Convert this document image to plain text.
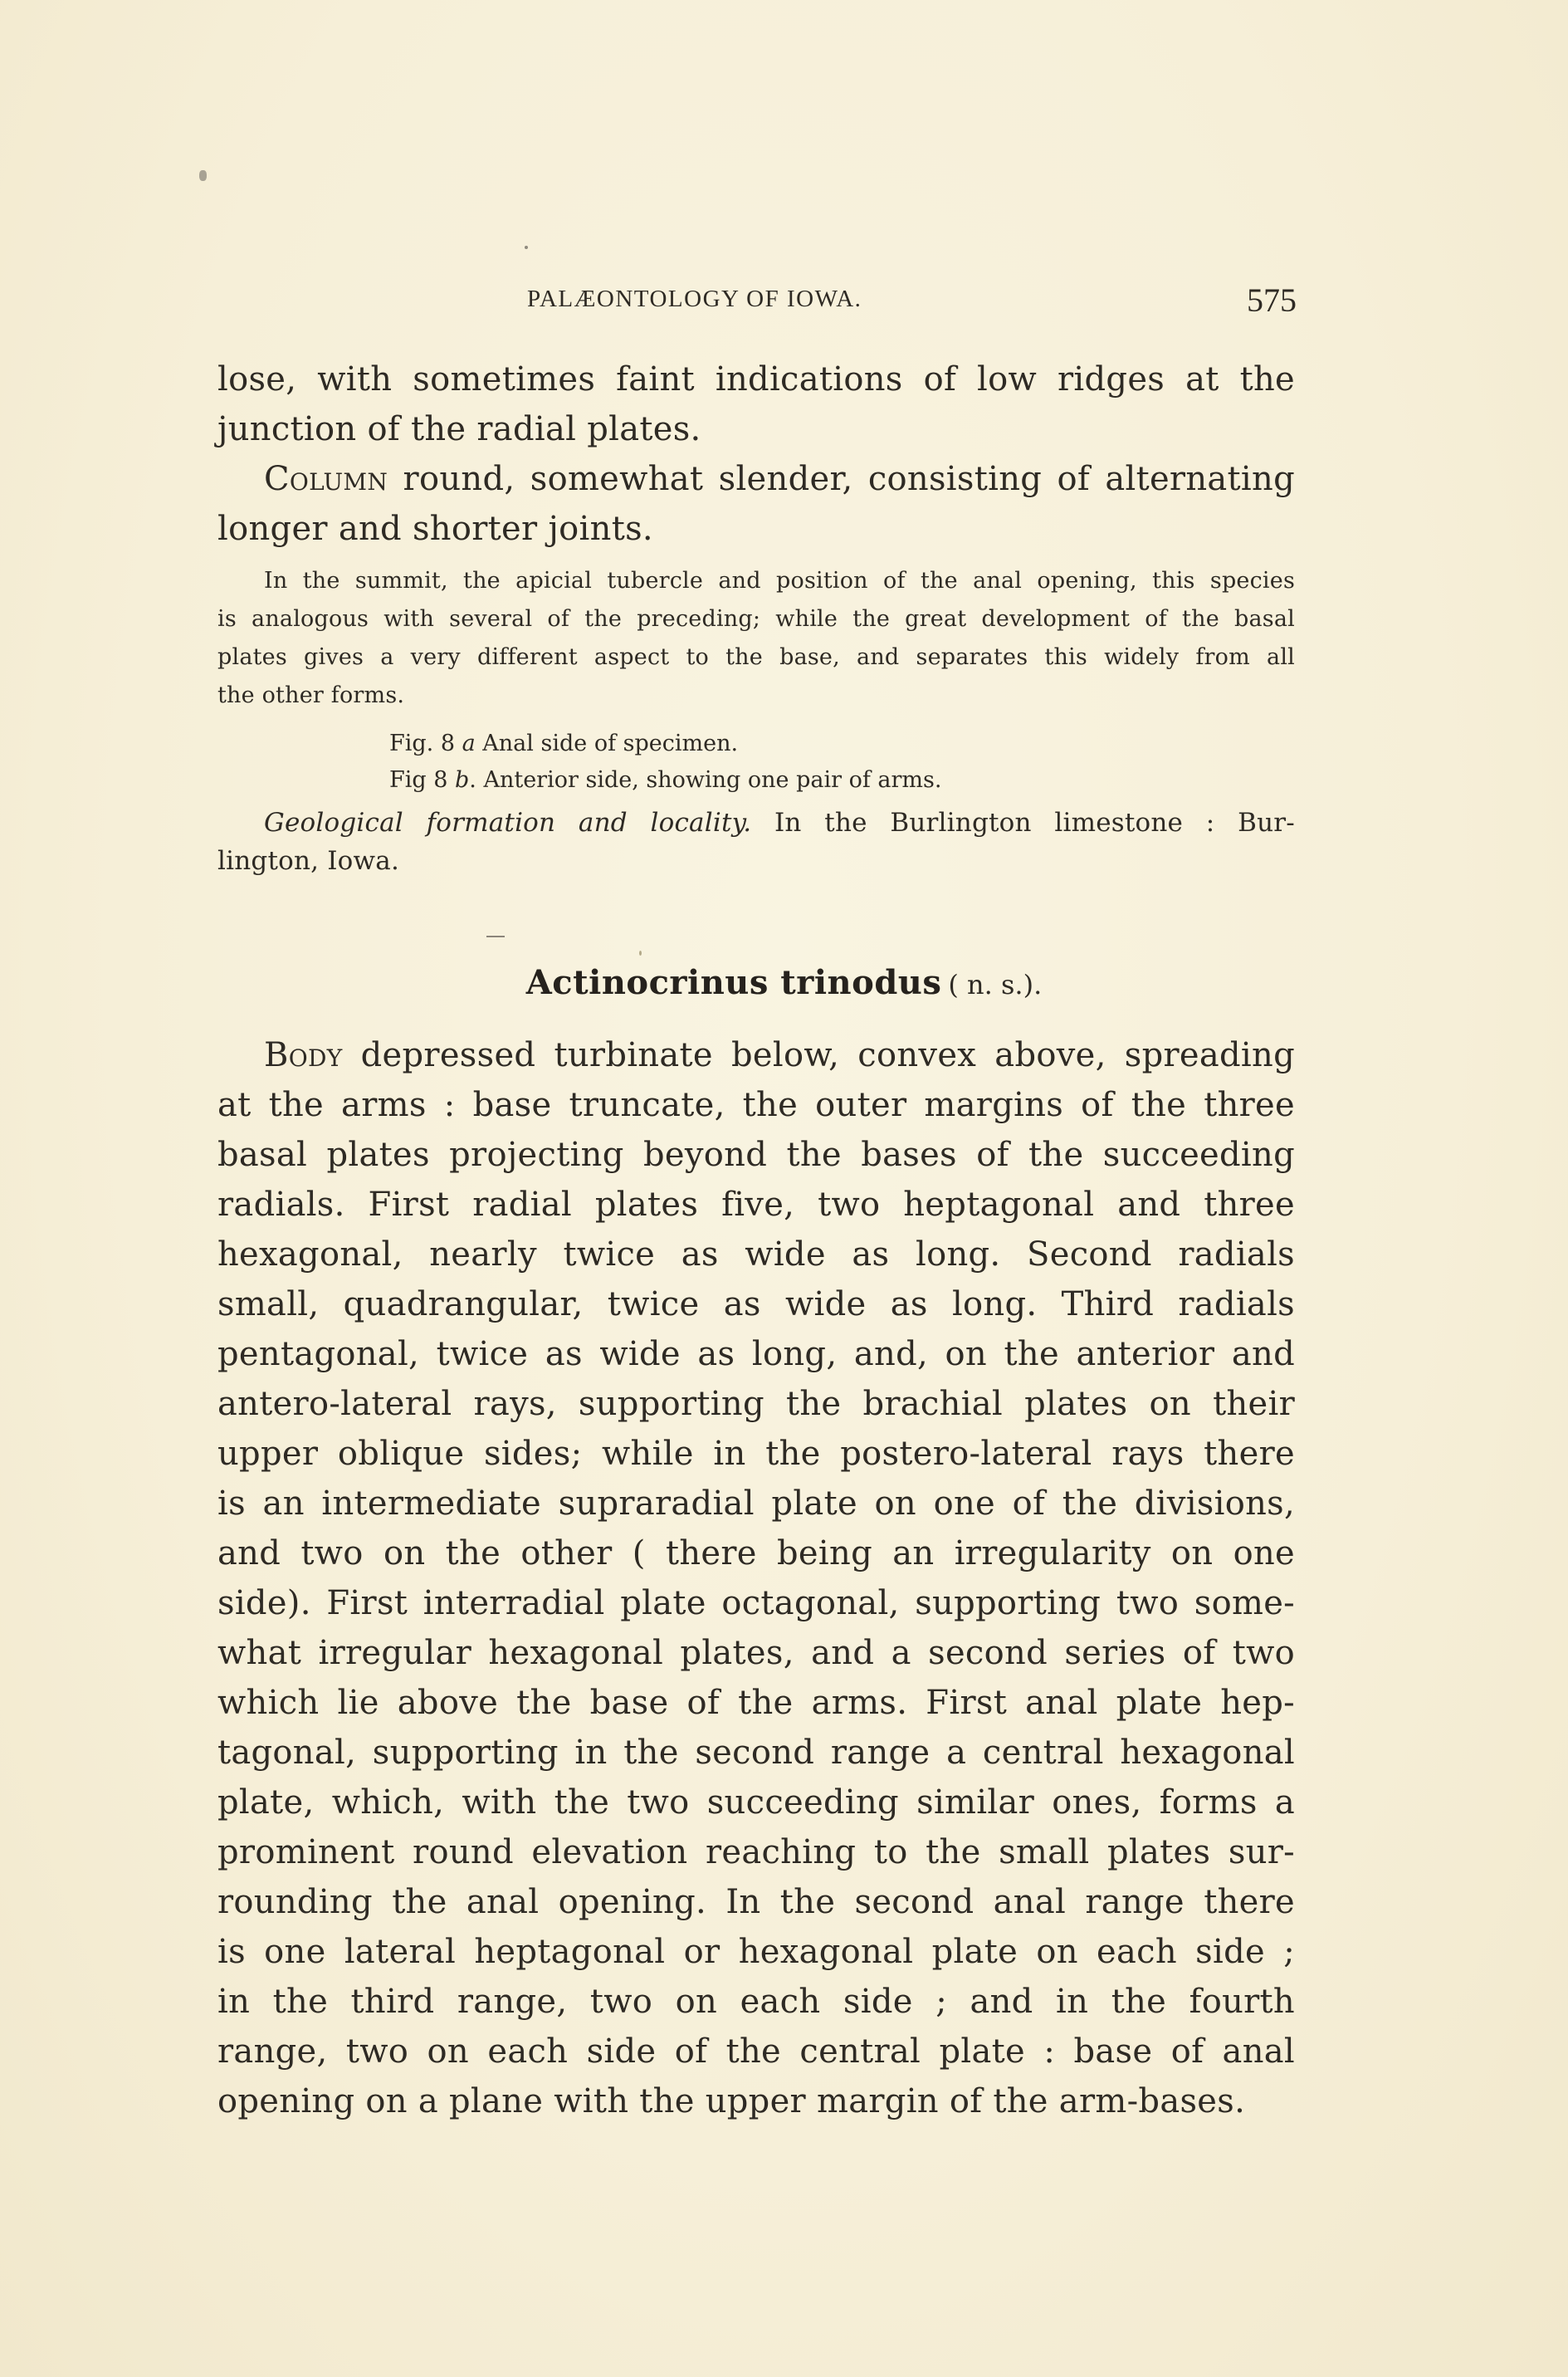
PALÆONTOLOGY OF IOWA.	575
lose, with sometimes faint indications of low ridges at the
junction of the radial plates.
Column round, somewhat slender, consisting of alternating
longer and shorter joints.
In the summit, the apicial tubercle and position of the anal opening, this species
is analogous with several of the preceding; while the great development of the basal
plates gives a very different aspect to the base, and separates this widely from all
the other forms.
Fig. 8 a Anal side of specimen.
Fig 8 b. Anterior side, showing one pair of arms.
Geological formation and locality. In the Burlington limestone : Bur-
lington, Iowa.
Actinocrinus trinodus ( n. s.).
Body depressed turbinate below, convex above, spreading
at the arms : base truncate, the outer margins of the three
basal plates projecting beyond the bases of the succeeding
radials. First radial plates five, two heptagonal and three
hexagonal, nearly twice as wide as long. Second radials
small, quadrangular, twice as wide as long. Third radials
pentagonal, twice as wide as long, and, on the anterior and
antero-lateral rays, supporting the brachial plates on their
upper oblique sides; while in the postero-lateral rays there
is an intermediate supraradial plate on one of the divisions,
and two on the other ( there being an irregularity on one
side). First interradial plate octagonal, supporting two some-
what irregular hexagonal plates, and a second series of two
which lie above the base of the arms. First anal plate hep-
tagonal, supporting in the second range a central hexagonal
plate, which, with the two succeeding similar ones, forms a
prominent round elevation reaching to the small plates sur-
rounding the anal opening. In the second anal range there
is one lateral heptagonal or hexagonal plate on each side ;
in the third range, two on each side ; and in the fourth
range, two on each side of the central plate : base of anal
opening on a plane with the upper margin of the arm-bases.
